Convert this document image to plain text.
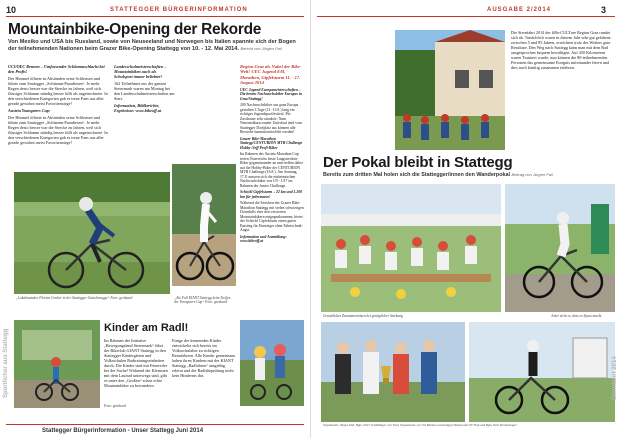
10	STATTEGGER BÜRGERINFORMATION
Mountainbike-Opening der Rekorde
Von Mexiko und USA bis Russland, sowie von Neuseeland und Norwegen bis Italien spannte sich der Bogen der teilnehmenden Nationen beim Grazer Bike-Opening Stattegg von 10. - 12. Mai 2014. Bericht von Jürgen Pail

UCI/OEC Rennen – Umfassender Schlammschlacht bei den Profis!

Der Himmel öffnete in Abständen seine Schleusen und führte zum Stattegger „Schlamm-Paradiesen“. Je mehr Regen desto besser war die Strecke zu fahren, weil sich flüssiger Schlamm ständig besser füllt als angetrocknete. In den verschiedenen Kategorien gab es treue Fans aus aller gerade gewohnt meist Favoritensiege!

Austria Youngsters Cup:

Der Himmel öffnete in Abständen seine Schleusen und führte zum Stattegger „Schlamm-Paradiesen“. Je mehr Regen desto besser war die Strecke zu fahren, weil sich flüssiger Schlamm ständig besser füllt als angetrocknete. In den verschiedenen Kategorien gab es treue Fans aus aller gerade gewohnt meist Favoritensiege!

Landesschulmeisterschaften – Mountainbiken auch als Schulsport immer beliebter!

162 Teilnehmer aus der ganzen Steiermark waren am Montag bei den Landesschulmeisterschaften am Start.

Information, Bildberichte, Ergebnisse: www.bikeoff.at

Region Graz als Nabel der Bike-Welt! UEC Jugend EM, Marathon, Gipfelsturm 11. - 17. August 2014

UEC Jugend Europameisterschaften – Die besten Nachwuchsbiker Europas in Graz/Stattegg!

200 Nachwuchsbiker aus ganz Europa gestalten 3 Tage (11.-13.8.) lang ein richtiges Jugendsportfestival. Für Zuschauer sehr attraktiv: Nam Neuentalkurscounter Unterlaaf sind vom Stattegger Dorfplatz aus können alle Bewerbe hautnah miterlebt werden!

Grazer Bike-Marathon Stattegg/CENTURION MTB Challenge Hobby-/Jeff Profi-Biker

Im Rahmen des Austria Marathon Cup treten Österreichs beste Langstrecken-Biker gegeneinander an und treffen dabei auf die Hobby-Biker der CENTURION MTB Challenge (16.8.). Am Sonntag, 17.8. messen sich die einheimischen Nachwuchsbiker von U9 - U17 im Rahmen der Junior Challenge.

Schöckl Gipfelsturm – 22 km und 1.200 hm für jedermann!

Während die Strecken des Grazer Bike-Marathon Stattegg mit vielen schwierigen Downhills eher den versierten Mountainbikern entgegenkommen, bietet der Schöckl Gipfelsturm einen guten Einstieg für Einsteiger ohne Fahrtechnik-Angst.

Information und Anmeldung: www.bikeoff.at

„Lokalmatador Florian Gruber in der Stattegger Gatschwaggn“ Foto: gerduard	„Alu Fall KIANT Stattegg beim Treffen der Youngsters Cup“ Foto: gerduard
Kinder am Radl!
Im Rahmen der Initiative „Bewegungsland Steiermark“ führt der Bikeclub GIANT Stattegg in den Stattegger Kindergärten und Volksschulen Radtrainingseinheiten durch. Die Kinder sind mit Feuereifer bei der Sache! Während der Kleinsten mit dem Laufrad unterwegs sind, gibt es unter den „Großen“ schon echte Mountainbiker zu bewundern.
Einige der kennenden Kinder entwickelte sich bereits im Volksschulalter zu richtigen Rennfahrern. Alle Kinder gemeinsam haben ihren Kindern mit der KIANT Stattegg „Radfahren“ ausgiebig erlernt und die Radfahrprüfung nicht kein Hindernis dar.
Foto: gerduard
Sportlicher aus Stattegg
Stattegger Bürgerinformation - Unser Stattegg Juni 2014
AUSGABE 2/2014	3
Die Sternfahrt 2014 der fiBa-CULTure Region Graz rundet sich ab. Tatsächlich waren in diesem Jahr sehr gut gefahren: zwischen 5 und 85 Jahren, erreichten trotz des Wetters gute Resultate. Den Weg nach Stattegg kann man mit dem Rad ausgesprochen bequem bewältigen. Auf 450 Kilometern waren Trainiert wurde, nun können die 80-teilnehmenden Personen das gemeinsame Ereignis miteinander feiern und dies auch künftig zusammen erfahren.
Der Pokal bleibt in Stattegg
Bereits zum dritten Mal holen sich die Stattegger/innen den Wanderpokal Beitrag von Jürgen Pail
Gemütliches Zusammensitzen bei genüglicher Stärkung	Jeder steht es, dass es Spass macht
Organisator Jürgen Pail, Bgm. Peter Schüdlinger von Thal, Organisator vor Ort Markus Gesemüggi Obmann des SV Thal und Bgm. Karl Strommenger
Sternfahrt 2014
